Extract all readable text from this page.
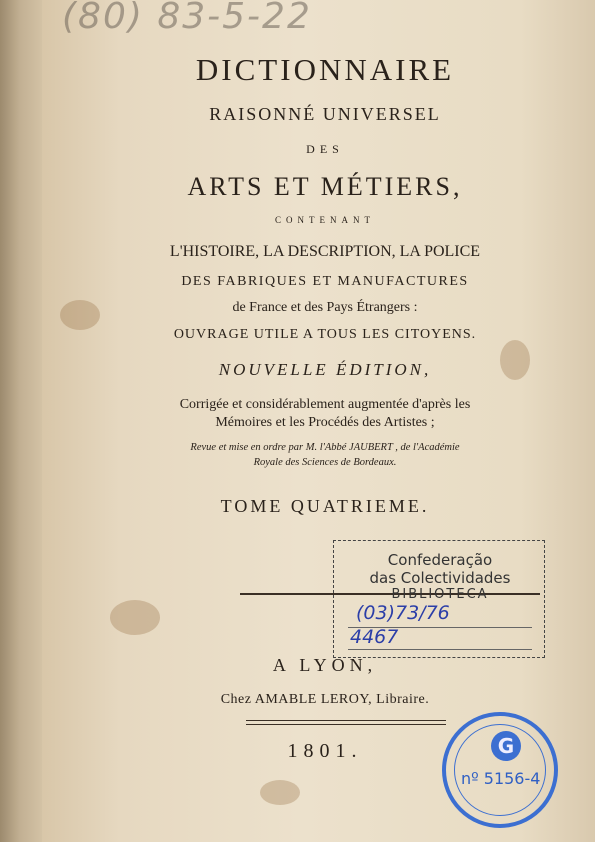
(80) 83-5-22
DICTIONNAIRE
RAISONNÉ UNIVERSEL
DES
ARTS ET MÉTIERS,
CONTENANT
L'HISTOIRE, LA DESCRIPTION, LA POLICE
DES FABRIQUES ET MANUFACTURES
de France et des Pays Étrangers :
OUVRAGE UTILE A TOUS LES CITOYENS.
NOUVELLE ÉDITION,
Corrigée et considérablement augmentée d'après les
Mémoires et les Procédés des Artistes ;
Revue et mise en ordre par M. l'Abbé JAUBERT , de l'Académie
Royale des Sciences de Bordeaux.
TOME QUATRIEME.
Confederação
das Colectividades
BIBLIOTECA
(03)73/76
4467
A LYON,
Chez AMABLE LEROY, Libraire.
1801.	G
nº 5156-4
